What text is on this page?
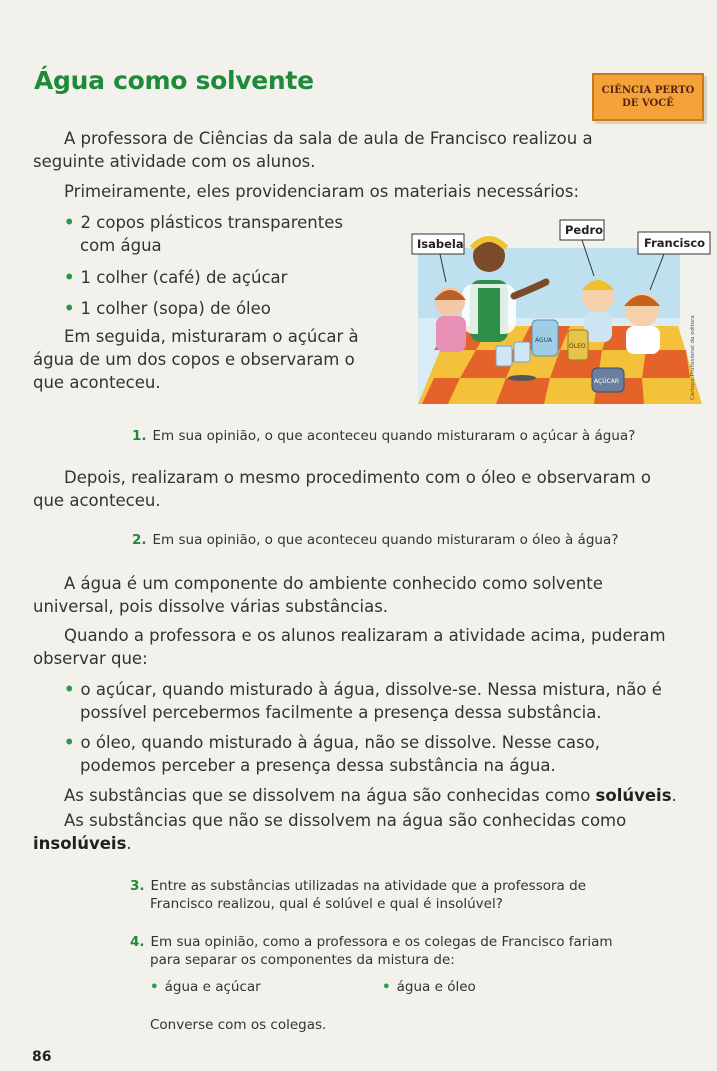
Água como solvente	CIÊNCIA PERTO DE VOCÊ

A professora de Ciências da sala de aula de Francisco realizou a

seguinte atividade com os alunos.

Primeiramente, eles providenciaram os materiais necessários:

• 2 copos plásticos transparentes

com água

• 1 colher (café) de açúcar

• 1 colher (sopa) de óleo

Em seguida, misturaram o açúcar à

água de um dos copos e observaram o

que aconteceu.

ÁGUA
ÓLEO
AÇÚCAR
Isabela
Pedro
Francisco
Cartepo Profissional da editora

1. Em sua opinião, o que aconteceu quando misturaram o açúcar à água?

Depois, realizaram o mesmo procedimento com o óleo e observaram o

que aconteceu.

2. Em sua opinião, o que aconteceu quando misturaram o óleo à água?

A água é um componente do ambiente conhecido como solvente

universal, pois dissolve várias substâncias.

Quando a professora e os alunos realizaram a atividade acima, puderam

observar que:

• o açúcar, quando misturado à água, dissolve-se. Nessa mistura, não é

possível percebermos facilmente a presença dessa substância.

• o óleo, quando misturado à água, não se dissolve. Nesse caso,

podemos perceber a presença dessa substância na água.

As substâncias que se dissolvem na água são conhecidas como solúveis.

As substâncias que não se dissolvem na água são conhecidas como

insolúveis.

3. Entre as substâncias utilizadas na atividade que a professora de

Francisco realizou, qual é solúvel e qual é insolúvel?

4. Em sua opinião, como a professora e os colegas de Francisco fariam

para separar os componentes da mistura de:

• água e açúcar	• água e óleo

Converse com os colegas.

86
